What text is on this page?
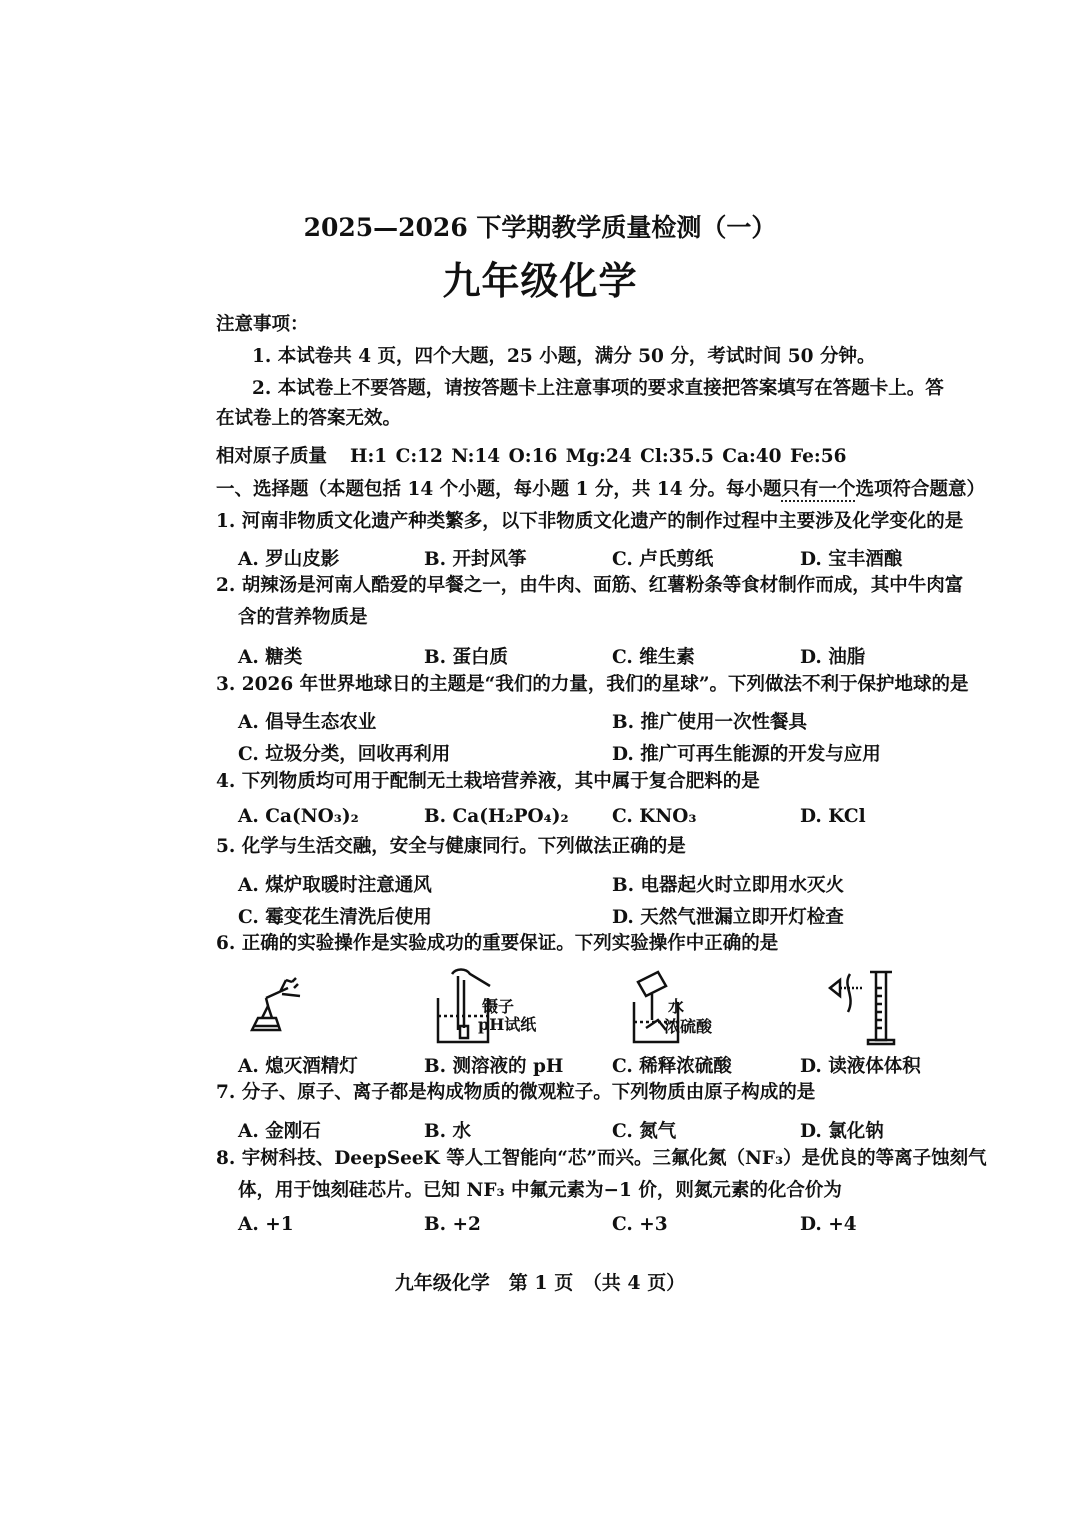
2025—2026 下学期教学质量检测（一）
九年级化学
注意事项：
1. 本试卷共 4 页，四个大题，25 小题，满分 50 分，考试时间 50 分钟。
2. 本试卷上不要答题，请按答题卡上注意事项的要求直接把答案填写在答题卡上。答
在试卷上的答案无效。
相对原子质量 H:1 C:12 N:14 O:16 Mg:24 Cl:35.5 Ca:40 Fe:56
一、选择题（本题包括 14 个小题，每小题 1 分，共 14 分。每小题只有一个选项符合题意）
1. 河南非物质文化遗产种类繁多，以下非物质文化遗产的制作过程中主要涉及化学变化的是
A. 罗山皮影	B. 开封风筝	C. 卢氏剪纸	D. 宝丰酒酿
2. 胡辣汤是河南人酷爱的早餐之一，由牛肉、面筋、红薯粉条等食材制作而成，其中牛肉富
含的营养物质是
A. 糖类	B. 蛋白质	C. 维生素	D. 油脂
3. 2026 年世界地球日的主题是“我们的力量，我们的星球”。下列做法不利于保护地球的是
A. 倡导生态农业	B. 推广使用一次性餐具
C. 垃圾分类，回收再利用	D. 推广可再生能源的开发与应用
4. 下列物质均可用于配制无土栽培营养液，其中属于复合肥料的是
A. Ca(NO₃)₂	B. Ca(H₂PO₄)₂ C. KNO₃	D. KCl
5. 化学与生活交融，安全与健康同行。下列做法正确的是
A. 煤炉取暖时注意通风	B. 电器起火时立即用水灭火
C. 霉变花生清洗后使用	D. 天然气泄漏立即开灯检查
6. 正确的实验操作是实验成功的重要保证。下列实验操作中正确的是
镊子
pH试纸
水
浓硫酸
A. 熄灭酒精灯	B. 测溶液的 pH	C. 稀释浓硫酸	D. 读液体体积
7. 分子、原子、离子都是构成物质的微观粒子。下列物质由原子构成的是
A. 金刚石	B. 水	C. 氮气	D. 氯化钠
8. 宇树科技、DeepSeeK 等人工智能向“芯”而兴。三氟化氮（NF₃）是优良的等离子蚀刻气
体，用于蚀刻硅芯片。已知 NF₃ 中氟元素为−1 价，则氮元素的化合价为
A. +1	B. +2	C. +3	D. +4
九年级化学　第 1 页　（共 4 页）
